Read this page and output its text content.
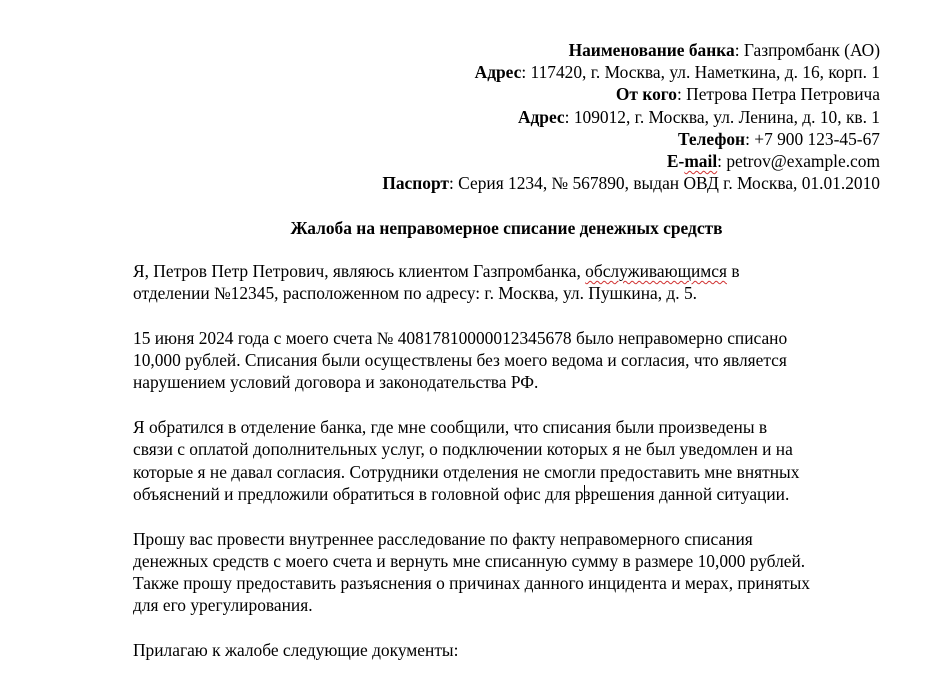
Наименование банка: Газпромбанк (АО)
Адрес: 117420, г. Москва, ул. Наметкина, д. 16, корп. 1
От кого: Петрова Петра Петровича
Адрес: 109012, г. Москва, ул. Ленина, д. 10, кв. 1
Телефон: +7 900 123-45-67
E-mail: petrov@example.com
Паспорт: Серия 1234, № 567890, выдан ОВД г. Москва, 01.01.2010
Жалоба на неправомерное списание денежных средств
Я, Петров Петр Петрович, являюсь клиентом Газпромбанка, обслуживающимся в
отделении №12345, расположенном по адресу: г. Москва, ул. Пушкина, д. 5.
15 июня 2024 года с моего счета № 40817810000012345678 было неправомерно списано
10,000 рублей. Списания были осуществлены без моего ведома и согласия, что является
нарушением условий договора и законодательства РФ.
Я обратился в отделение банка, где мне сообщили, что списания были произведены в
связи с оплатой дополнительных услуг, о подключении которых я не был уведомлен и на
которые я не давал согласия. Сотрудники отделения не смогли предоставить мне внятных
объяснений и предложили обратиться в головной офис для рзрешения данной ситуации.
Прошу вас провести внутреннее расследование по факту неправомерного списания
денежных средств с моего счета и вернуть мне списанную сумму в размере 10,000 рублей.
Также прошу предоставить разъяснения о причинах данного инцидента и мерах, принятых
для его урегулирования.
Прилагаю к жалобе следующие документы:
